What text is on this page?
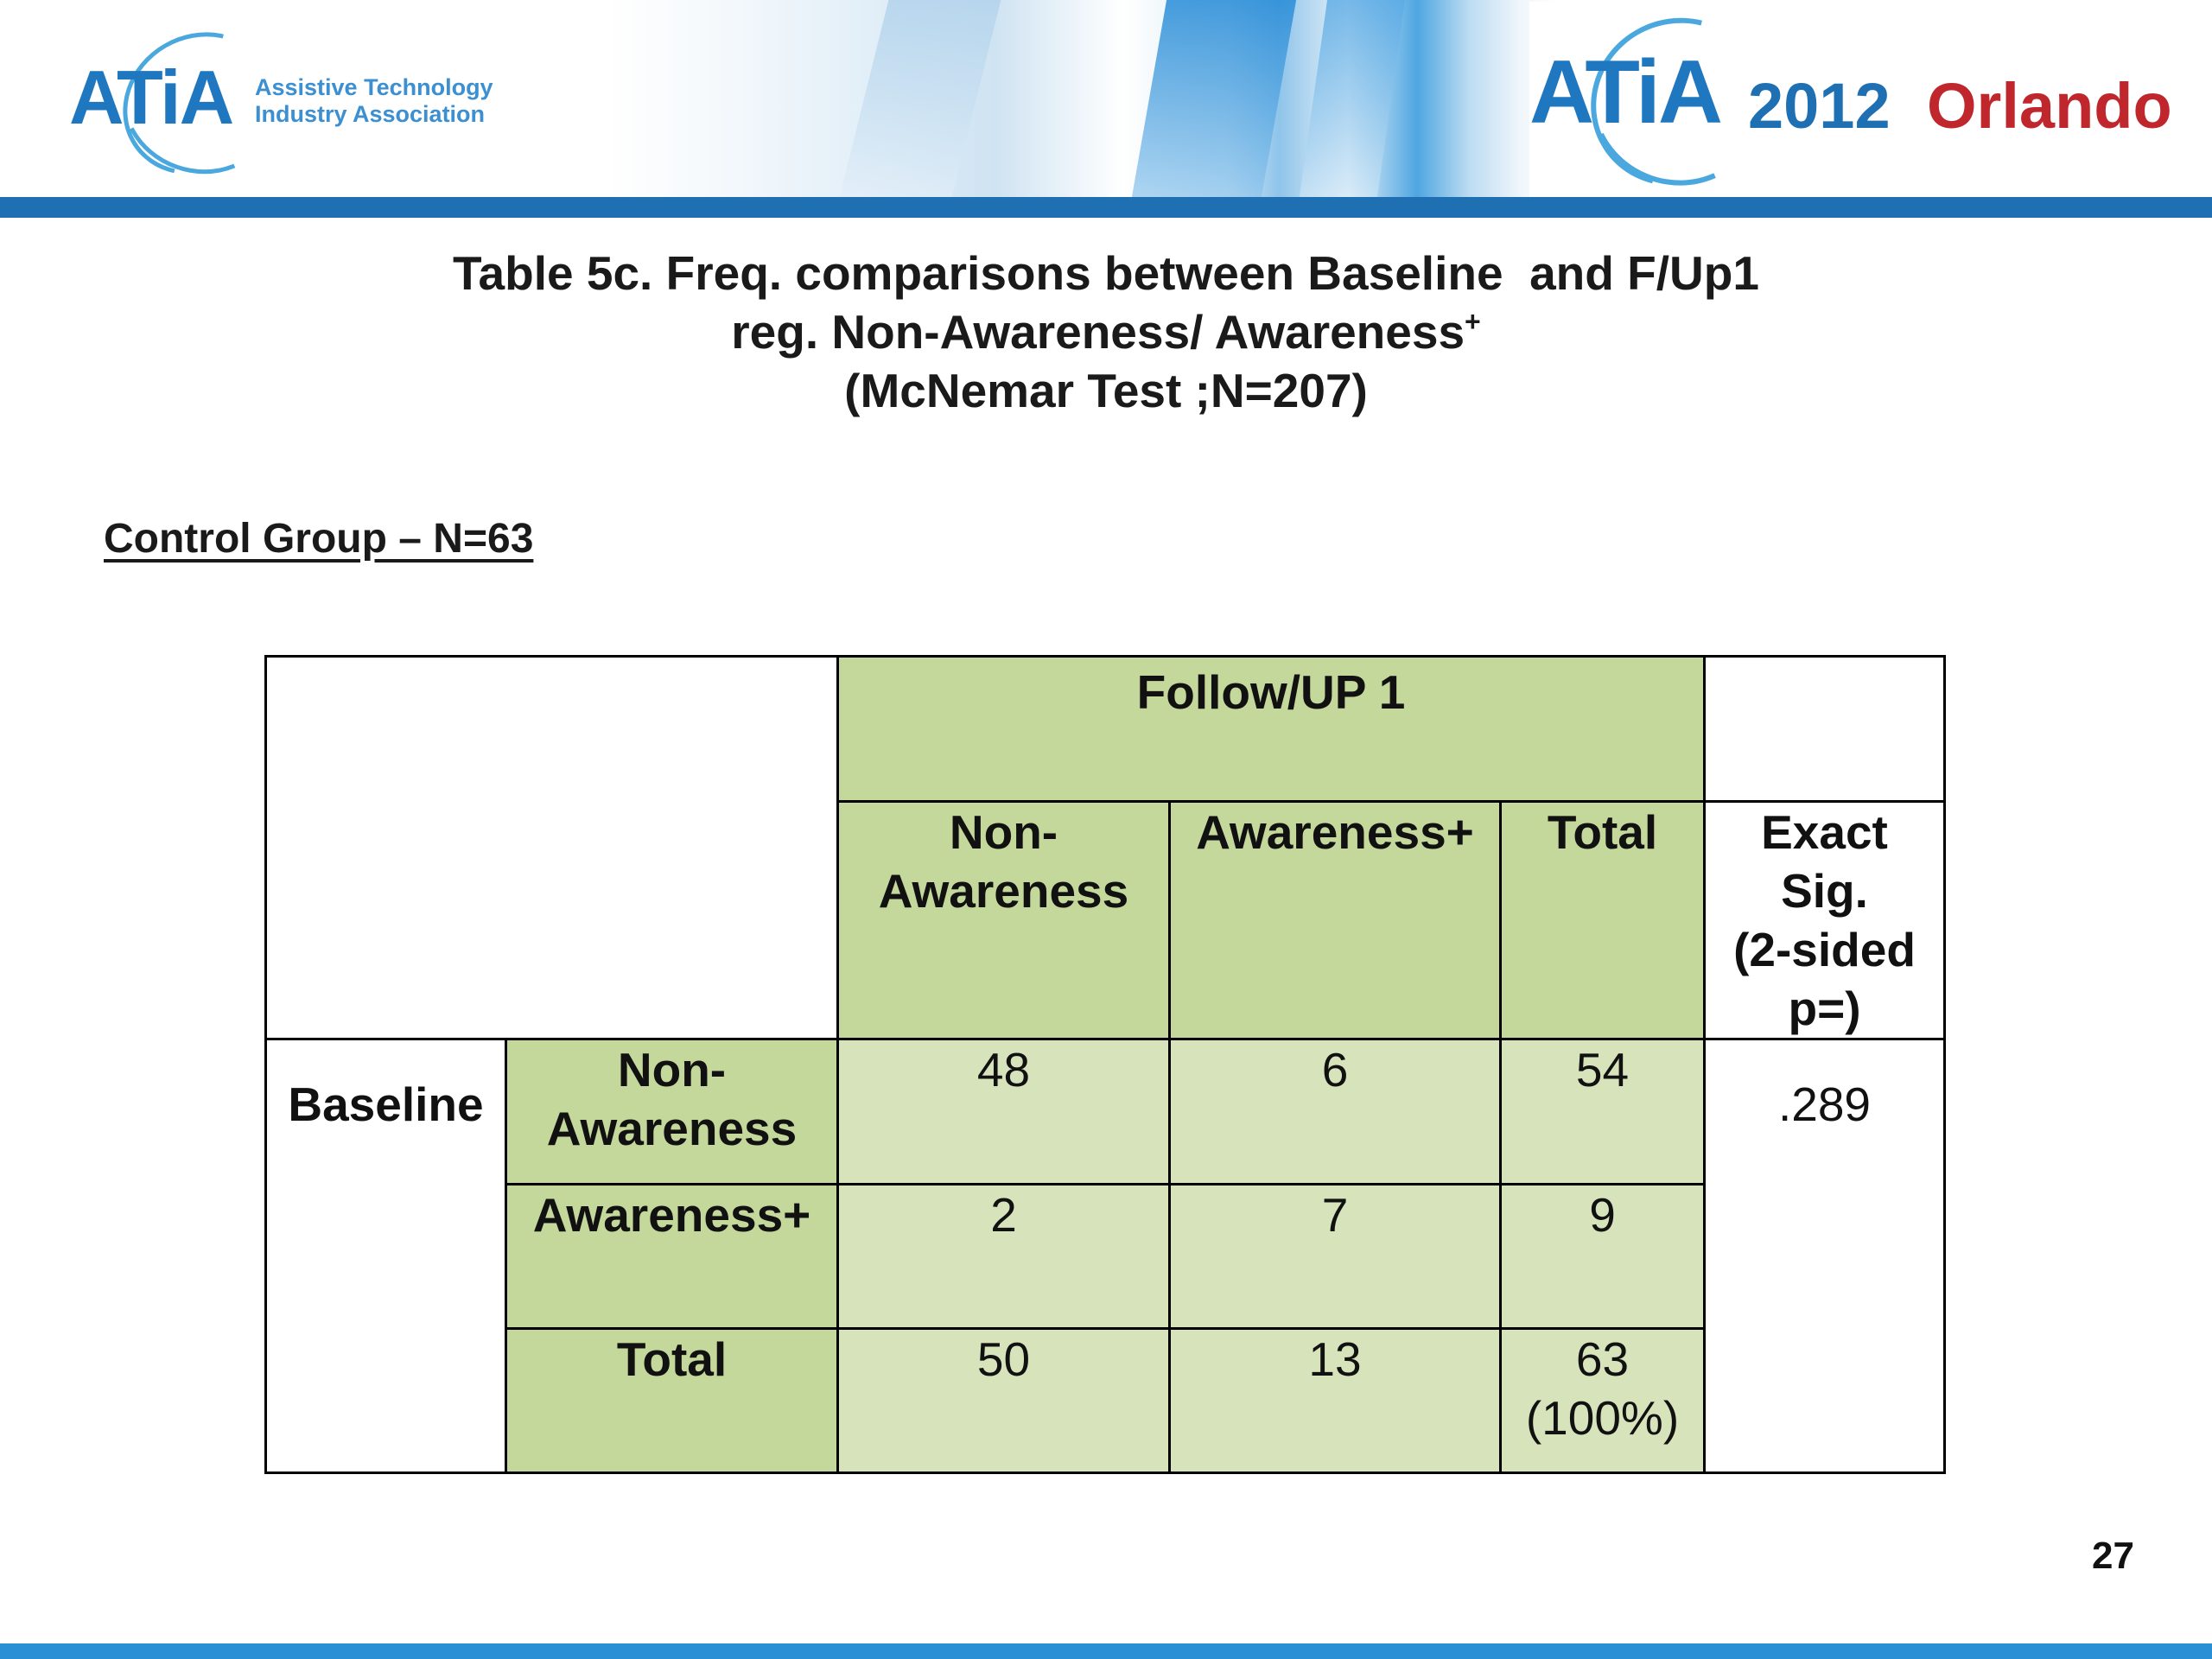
ATiA Assistive Technology
Industry Association	ATiA 2012 Orlando
Table 5c. Freq. comparisons between Baseline  and F/Up1
reg. Non-Awareness/ Awareness+
(McNemar Test ;N=207)
Control Group – N=63
		Follow/UP 1			
		Non-
Awareness	Awareness+	Total	Exact
Sig.
(2-sided
p=)
Baseline	Non-
Awareness	48	6	54	.289
	Awareness+	2	7	9	
	Total	50	13	63
(100%)	
27
